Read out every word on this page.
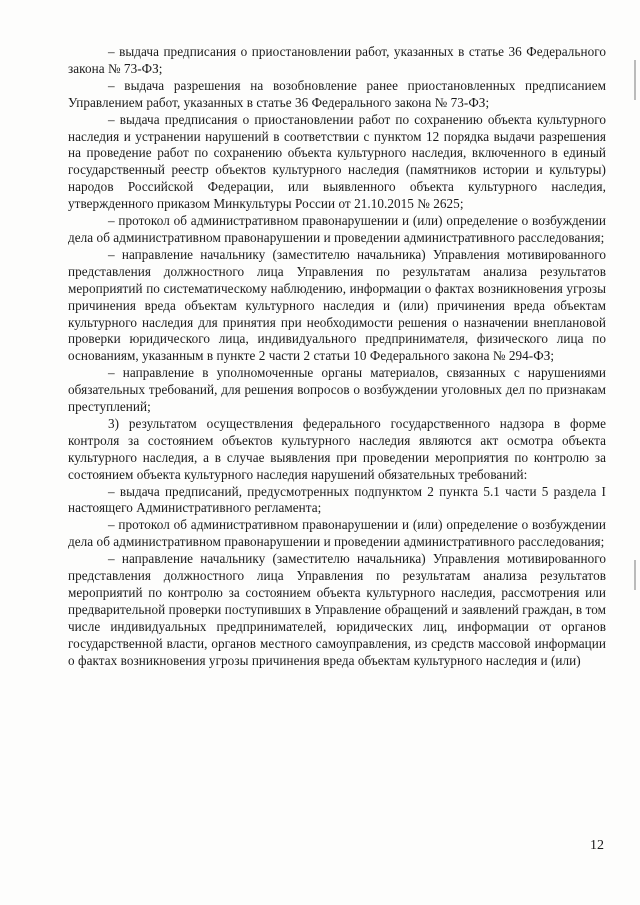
– выдача предписания о приостановлении работ, указанных в статье 36 Федерального закона № 73-ФЗ;

– выдача разрешения на возобновление ранее приостановленных предписанием Управлением работ, указанных в статье 36 Федерального закона № 73-ФЗ;

– выдача предписания о приостановлении работ по сохранению объекта культурного наследия и устранении нарушений в соответствии с пунктом 12 порядка выдачи разрешения на проведение работ по сохранению объекта культурного наследия, включенного в единый государственный реестр объектов культурного наследия (памятников истории и культуры) народов Российской Федерации, или выявленного объекта культурного наследия, утвержденного приказом Минкультуры России от 21.10.2015 № 2625;

– протокол об административном правонарушении и (или) определение о возбуждении дела об административном правонарушении и проведении административного расследования;

– направление начальнику (заместителю начальника) Управления мотивированного представления должностного лица Управления по результатам анализа результатов мероприятий по систематическому наблюдению, информации о фактах возникновения угрозы причинения вреда объектам культурного наследия и (или) причинения вреда объектам культурного наследия для принятия при необходимости решения о назначении внеплановой проверки юридического лица, индивидуального предпринимателя, физического лица по основаниям, указанным в пункте 2 части 2 статьи 10 Федерального закона № 294-ФЗ;

– направление в уполномоченные органы материалов, связанных с нарушениями обязательных требований, для решения вопросов о возбуждении уголовных дел по признакам преступлений;

3) результатом осуществления федерального государственного надзора в форме контроля за состоянием объектов культурного наследия являются акт осмотра объекта культурного наследия, а в случае выявления при проведении мероприятия по контролю за состоянием объекта культурного наследия нарушений обязательных требований:

– выдача предписаний, предусмотренных подпунктом 2 пункта 5.1 части 5 раздела I настоящего Административного регламента;

– протокол об административном правонарушении и (или) определение о возбуждении дела об административном правонарушении и проведении административного расследования;

– направление начальнику (заместителю начальника) Управления мотивированного представления должностного лица Управления по результатам анализа результатов мероприятий по контролю за состоянием объекта культурного наследия, рассмотрения или предварительной проверки поступивших в Управление обращений и заявлений граждан, в том числе индивидуальных предпринимателей, юридических лиц, информации от органов государственной власти, органов местного самоуправления, из средств массовой информации о фактах возникновения угрозы причинения вреда объектам культурного наследия и (или)

12
